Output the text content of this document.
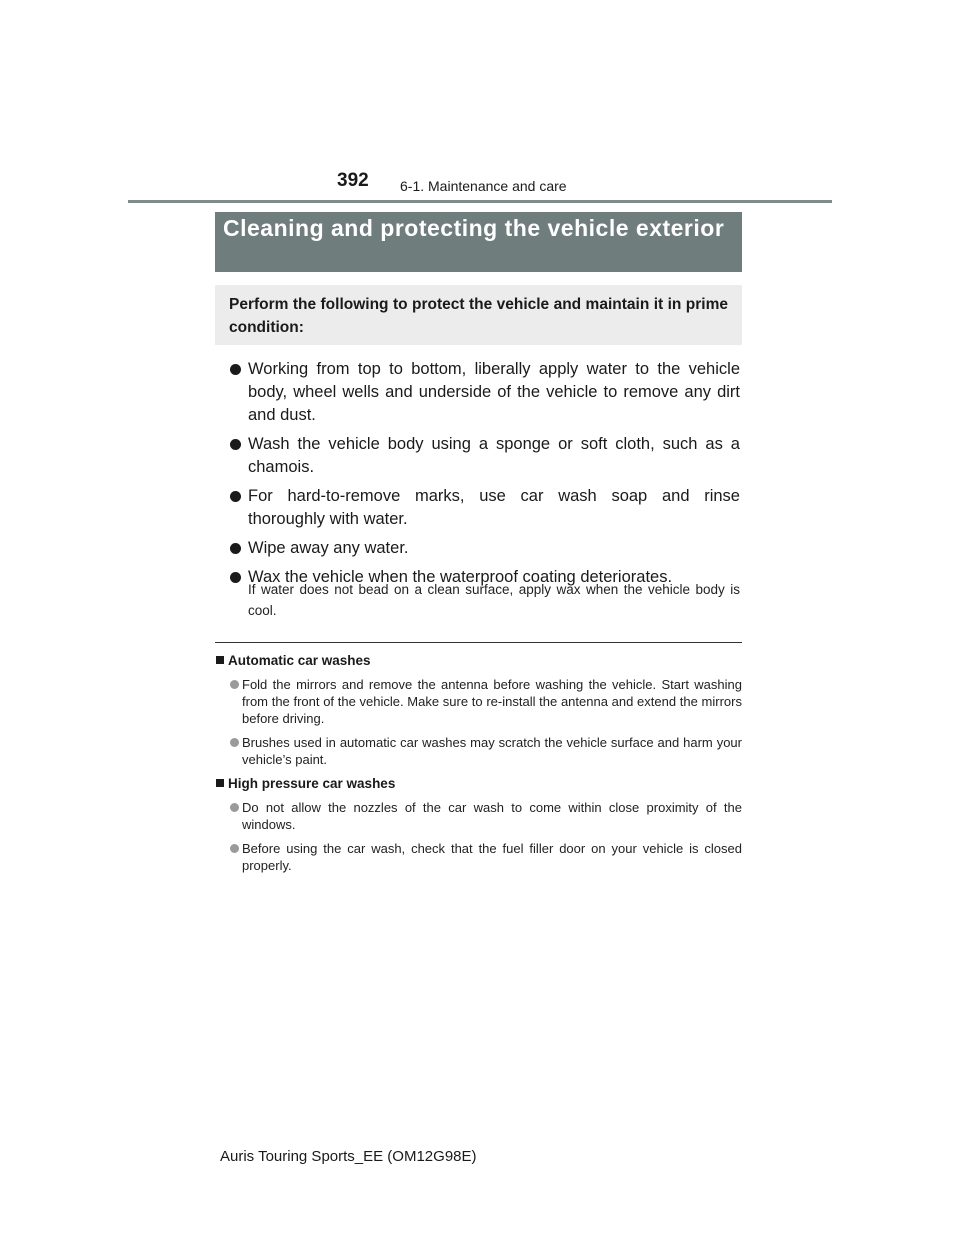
392 6-1. Maintenance and care
Cleaning and protecting the vehicle exterior
Perform the following to protect the vehicle and maintain it in prime condition:
Working from top to bottom, liberally apply water to the vehicle body, wheel wells and underside of the vehicle to remove any dirt and dust.
Wash the vehicle body using a sponge or soft cloth, such as a chamois.
For hard-to-remove marks, use car wash soap and rinse thoroughly with water.
Wipe away any water.
Wax the vehicle when the waterproof coating deteriorates.
If water does not bead on a clean surface, apply wax when the vehicle body is cool.
Automatic car washes
Fold the mirrors and remove the antenna before washing the vehicle. Start washing from the front of the vehicle. Make sure to re-install the antenna and extend the mirrors before driving.
Brushes used in automatic car washes may scratch the vehicle surface and harm your vehicle’s paint.
High pressure car washes
Do not allow the nozzles of the car wash to come within close proximity of the windows.
Before using the car wash, check that the fuel filler door on your vehicle is closed properly.
Auris Touring Sports_EE (OM12G98E)
